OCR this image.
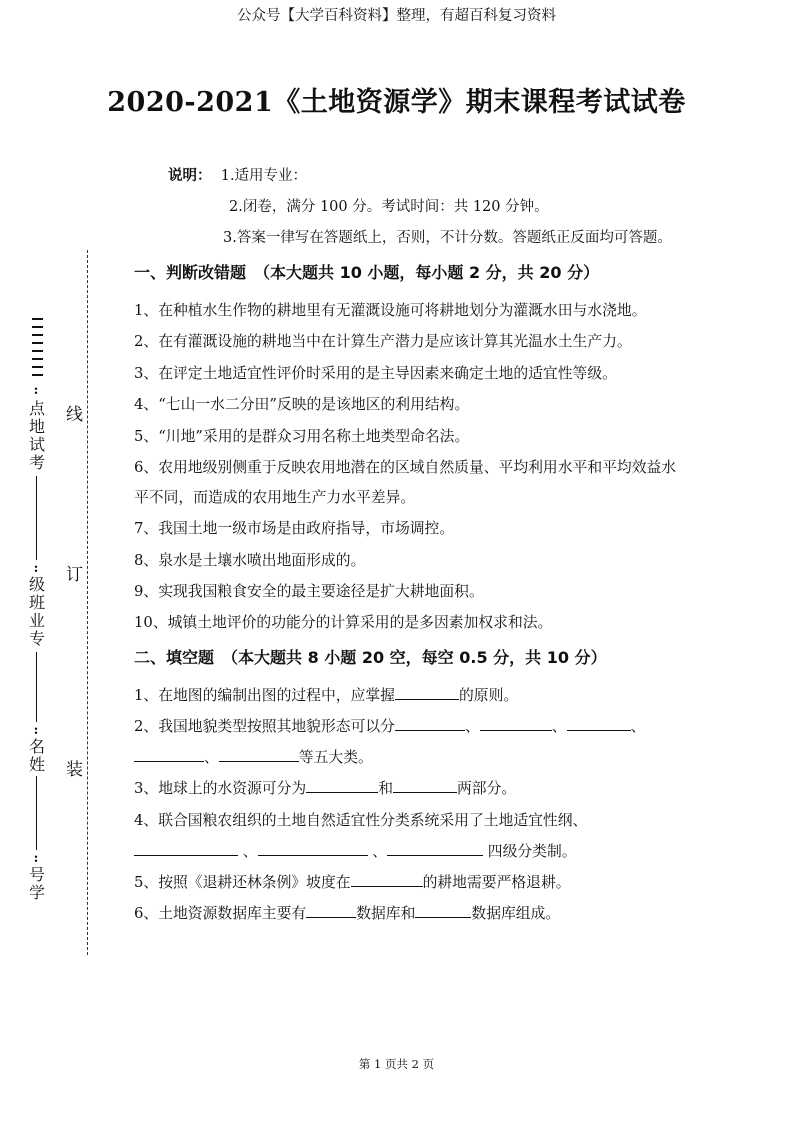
公众号【大学百科资料】整理，有超百科复习资料
2020-2021《土地资源学》期末课程考试试卷
说明： 1.适用专业：
2.闭卷，满分 100 分。考试时间：共 120 分钟。
3.答案一律写在答题纸上，否则，不计分数。答题纸正反面均可答题。
一、判断改错题　（本大题共 10 小题，每小题 2 分，共 20 分）
1、在种植水生作物的耕地里有无灌溉设施可将耕地划分为灌溉水田与水浇地。
2、在有灌溉设施的耕地当中在计算生产潜力是应该计算其光温水土生产力。
3、在评定土地适宜性评价时采用的是主导因素来确定土地的适宜性等级。
4、“七山一水二分田”反映的是该地区的利用结构。
5、“川地”采用的是群众习用名称土地类型命名法。
6、农用地级别侧重于反映农用地潜在的区域自然质量、平均利用水平和平均效益水
平不同，而造成的农用地生产力水平差异。
7、我国土地一级市场是由政府指导，市场调控。
8、泉水是土壤水喷出地面形成的。
9、实现我国粮食安全的最主要途径是扩大耕地面积。
10、城镇土地评价的功能分的计算采用的是多因素加权求和法。
二、填空题　（本大题共 8 小题 20 空，每空 0.5 分，共 10 分）
1、在地图的编制出图的过程中，应掌握	的原则。
2、我国地貌类型按照其地貌形态可以分	、	、	、
、	等五大类。
3、地球上的水资源可分为	和	两部分。
4、联合国粮农组织的土地自然适宜性分类系统采用了土地适宜性纲、
、	、	四级分类制。
5、按照《退耕还林条例》坡度在	的耕地需要严格退耕。
6、土地资源数据库主要有	数据库和	数据库组成。
线
订
装
:
点地试考
:
级班业专
:
名姓
:
号学
第 1 页共 2 页
